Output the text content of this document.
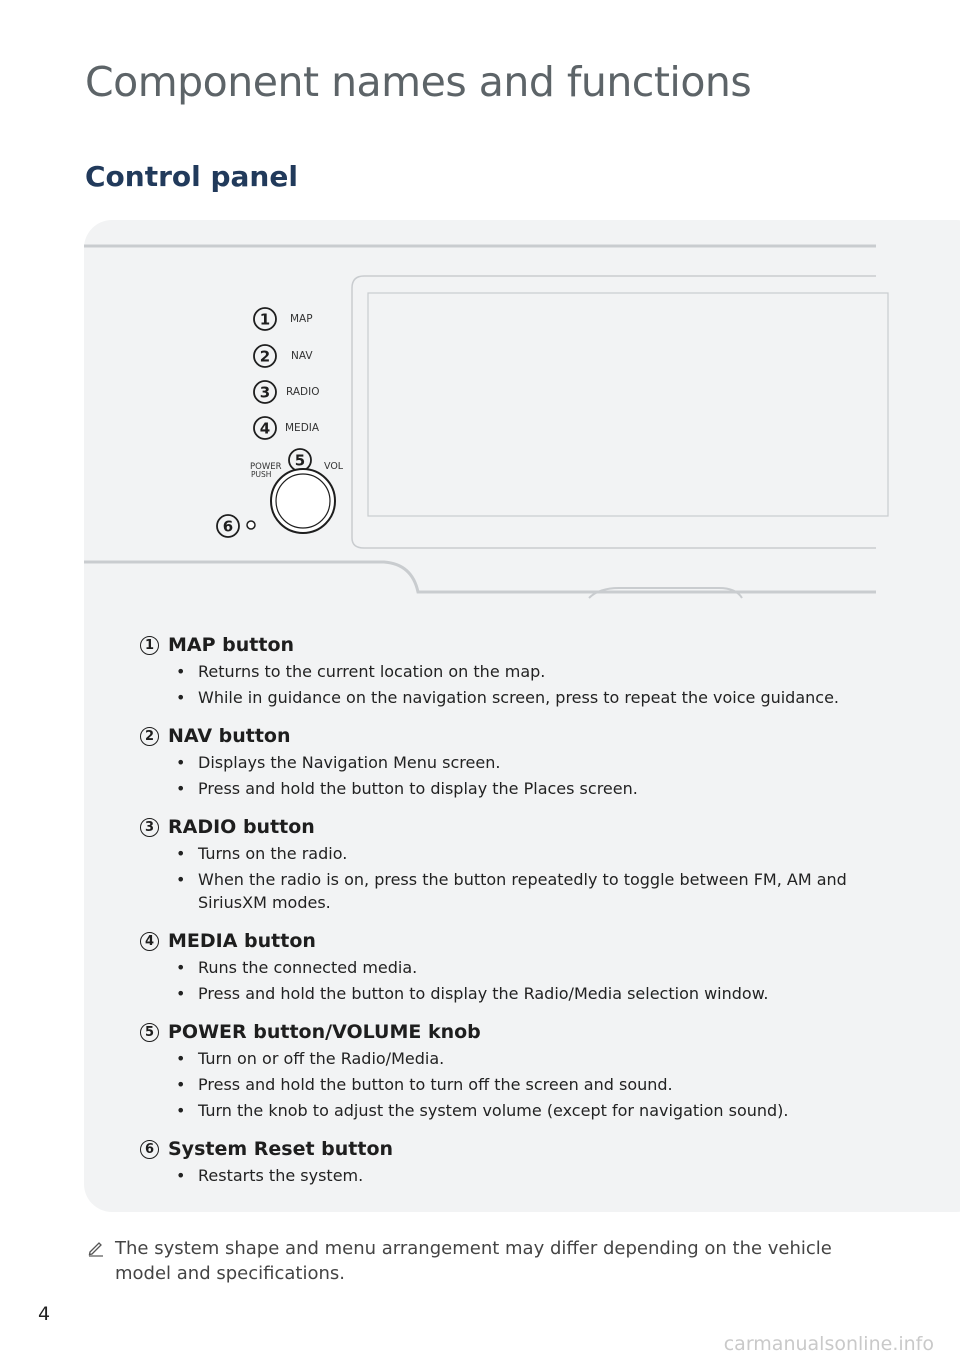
Component names and functions
Control panel
1 MAP
2 NAV
3 RADIO
4 MEDIA
POWER
PUSH
VOL
5
6
1 MAP button
• Returns to the current location on the map.
• While in guidance on the navigation screen, press to repeat the voice guidance.
2 NAV button
• Displays the Navigation Menu screen.
• Press and hold the button to display the Places screen.
3 RADIO button
• Turns on the radio.
• When the radio is on, press the button repeatedly to toggle between FM, AM and SiriusXM modes.
4 MEDIA button
• Runs the connected media.
• Press and hold the button to display the Radio/Media selection window.
5 POWER button/VOLUME knob
• Turn on or off the Radio/Media.
• Press and hold the button to turn off the screen and sound.
• Turn the knob to adjust the system volume (except for navigation sound).
6 System Reset button
• Restarts the system.
The system shape and menu arrangement may differ depending on the vehicle model and specifications.
4
carmanualsonline.info
